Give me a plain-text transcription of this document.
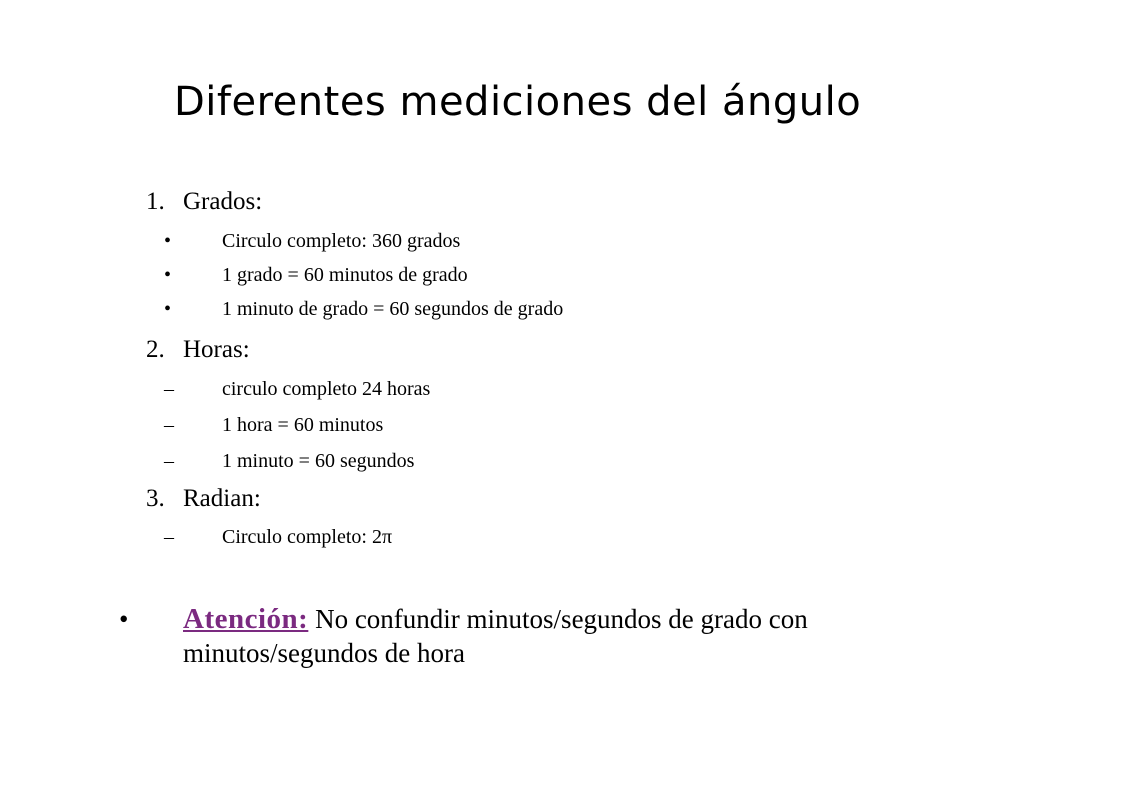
Diferentes mediciones del ángulo
1. Grados:
•	Circulo completo: 360 grados
•	1 grado = 60 minutos de grado
•	1 minuto de grado = 60 segundos de grado
2. Horas:
– circulo completo 24 horas
– 1 hora = 60 minutos
– 1 minuto = 60 segundos
3. Radian:
– Circulo completo: 2π
• Atención: No confundir minutos/segundos de grado con minutos/segundos de hora
